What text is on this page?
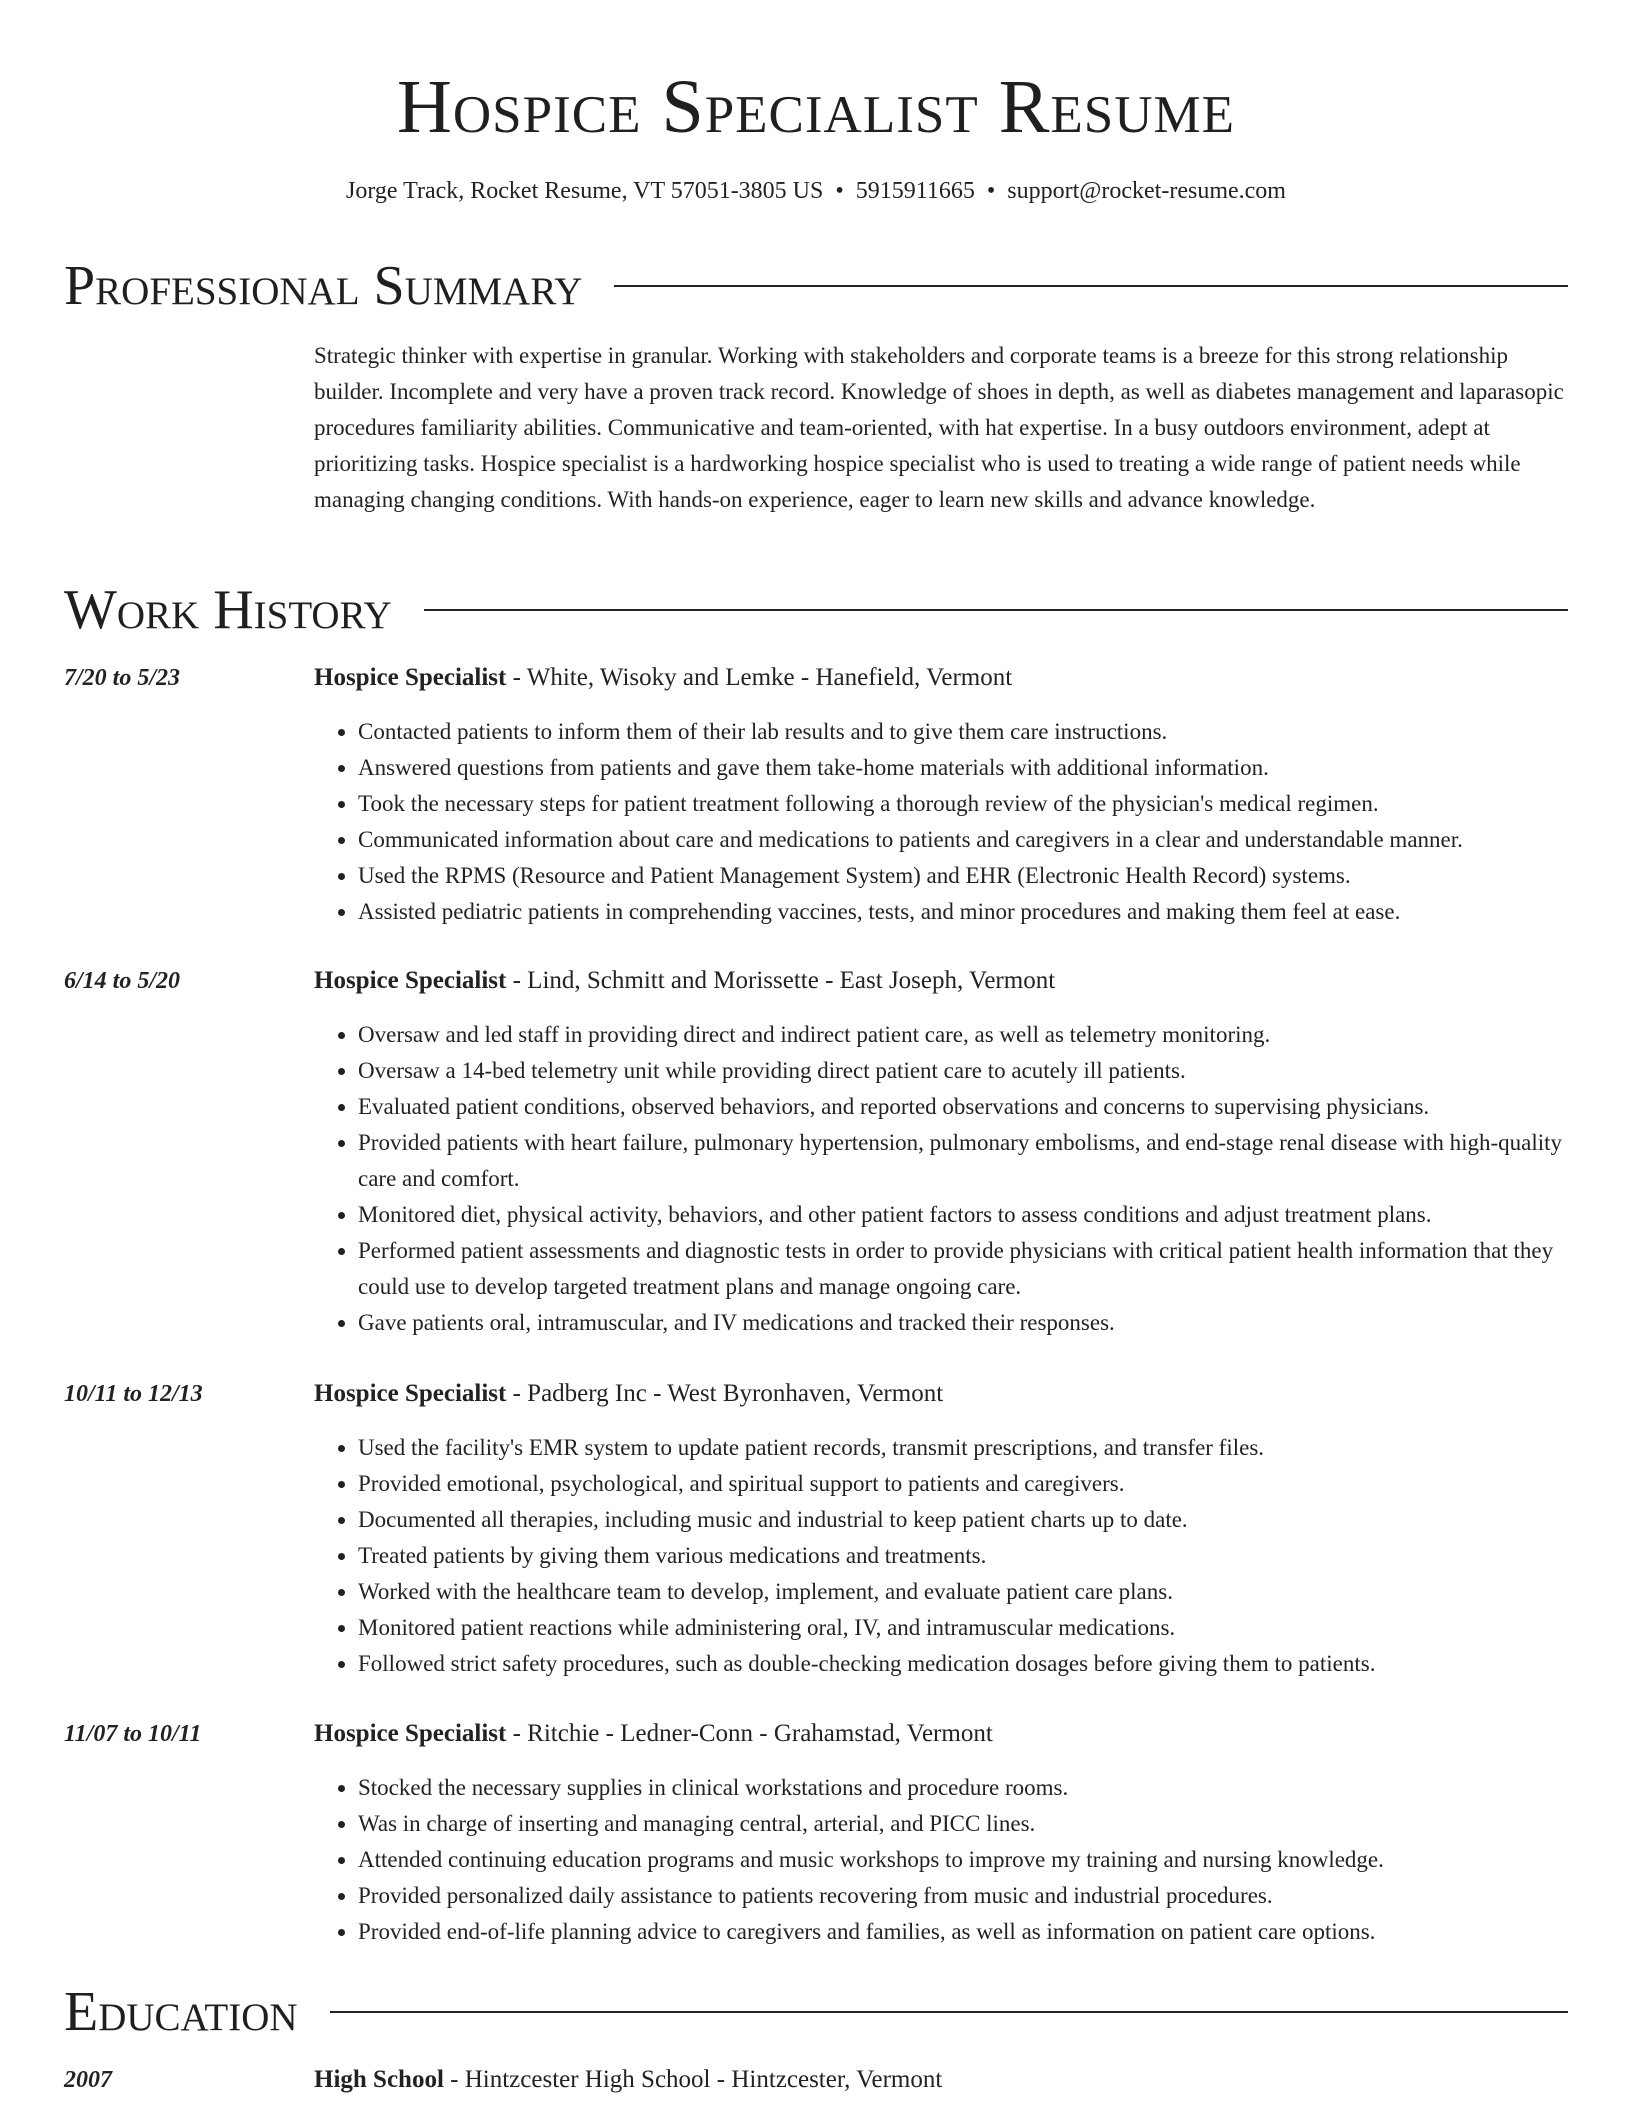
Hospice Specialist Resume
Jorge Track, Rocket Resume, VT 57051-3805 US • 5915911665 • support@rocket-resume.com
Professional Summary

Strategic thinker with expertise in granular. Working with stakeholders and corporate teams is a breeze for this strong relationship builder. Incomplete and very have a proven track record. Knowledge of shoes in depth, as well as diabetes management and laparasopic procedures familiarity abilities. Communicative and team-oriented, with hat expertise. In a busy outdoors environment, adept at prioritizing tasks. Hospice specialist is a hardworking hospice specialist who is used to treating a wide range of patient needs while managing changing conditions. With hands-on experience, eager to learn new skills and advance knowledge.

Work History
7/20 to 5/23	Hospice Specialist - White, Wisoky and Lemke - Hanefield, Vermont
• Contacted patients to inform them of their lab results and to give them care instructions.
• Answered questions from patients and gave them take-home materials with additional information.
• Took the necessary steps for patient treatment following a thorough review of the physician's medical regimen.
• Communicated information about care and medications to patients and caregivers in a clear and understandable manner.
• Used the RPMS (Resource and Patient Management System) and EHR (Electronic Health Record) systems.
• Assisted pediatric patients in comprehending vaccines, tests, and minor procedures and making them feel at ease.
6/14 to 5/20	Hospice Specialist - Lind, Schmitt and Morissette - East Joseph, Vermont
• Oversaw and led staff in providing direct and indirect patient care, as well as telemetry monitoring.
• Oversaw a 14-bed telemetry unit while providing direct patient care to acutely ill patients.
• Evaluated patient conditions, observed behaviors, and reported observations and concerns to supervising physicians.
• Provided patients with heart failure, pulmonary hypertension, pulmonary embolisms, and end-stage renal disease with high-quality care and comfort.
• Monitored diet, physical activity, behaviors, and other patient factors to assess conditions and adjust treatment plans.
• Performed patient assessments and diagnostic tests in order to provide physicians with critical patient health information that they could use to develop targeted treatment plans and manage ongoing care.
• Gave patients oral, intramuscular, and IV medications and tracked their responses.
10/11 to 12/13	Hospice Specialist - Padberg Inc - West Byronhaven, Vermont
• Used the facility's EMR system to update patient records, transmit prescriptions, and transfer files.
• Provided emotional, psychological, and spiritual support to patients and caregivers.
• Documented all therapies, including music and industrial to keep patient charts up to date.
• Treated patients by giving them various medications and treatments.
• Worked with the healthcare team to develop, implement, and evaluate patient care plans.
• Monitored patient reactions while administering oral, IV, and intramuscular medications.
• Followed strict safety procedures, such as double-checking medication dosages before giving them to patients.
11/07 to 10/11	Hospice Specialist - Ritchie - Ledner-Conn - Grahamstad, Vermont
• Stocked the necessary supplies in clinical workstations and procedure rooms.
• Was in charge of inserting and managing central, arterial, and PICC lines.
• Attended continuing education programs and music workshops to improve my training and nursing knowledge.
• Provided personalized daily assistance to patients recovering from music and industrial procedures.
• Provided end-of-life planning advice to caregivers and families, as well as information on patient care options.
Education
2007	High School - Hintzcester High School - Hintzcester, Vermont
